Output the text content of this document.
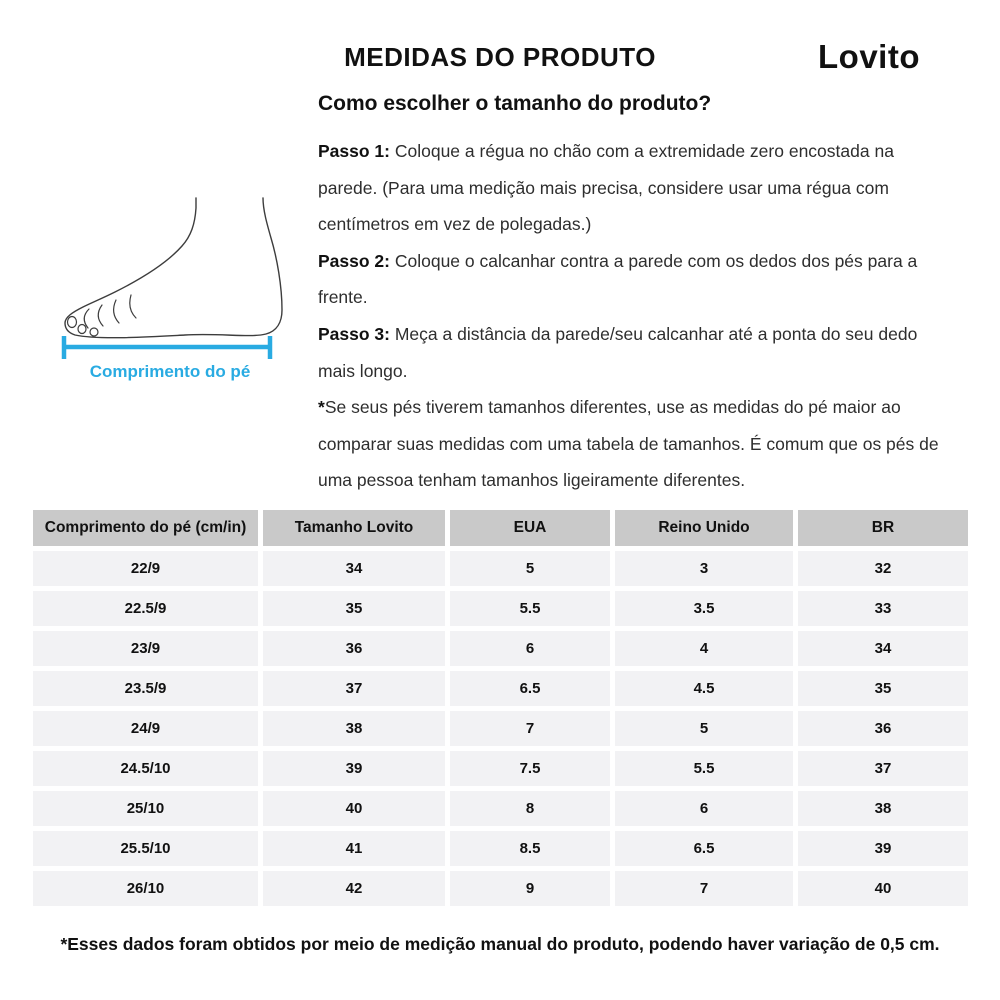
MEDIDAS DO PRODUTO	Lovito
Comprimento do pé
Como escolher o tamanho do produto?

Passo 1: Coloque a régua no chão com a extremidade zero encostada na parede. (Para uma medição mais precisa, considere usar uma régua com centímetros em vez de polegadas.)

Passo 2: Coloque o calcanhar contra a parede com os dedos dos pés para a frente.

Passo 3: Meça a distância da parede/seu calcanhar até a ponta do seu dedo mais longo.

*Se seus pés tiverem tamanhos diferentes, use as medidas do pé maior ao comparar suas medidas com uma tabela de tamanhos. É comum que os pés de uma pessoa tenham tamanhos ligeiramente diferentes.

Comprimento do pé (cm/in)	Tamanho Lovito	EUA	Reino Unido	BR
22/9	34	5	3	32
22.5/9	35	5.5	3.5	33
23/9	36	6	4	34
23.5/9	37	6.5	4.5	35
24/9	38	7	5	36
24.5/10	39	7.5	5.5	37
25/10	40	8	6	38
25.5/10	41	8.5	6.5	39
26/10	42	9	7	40

*Esses dados foram obtidos por meio de medição manual do produto, podendo haver variação de 0,5 cm.
